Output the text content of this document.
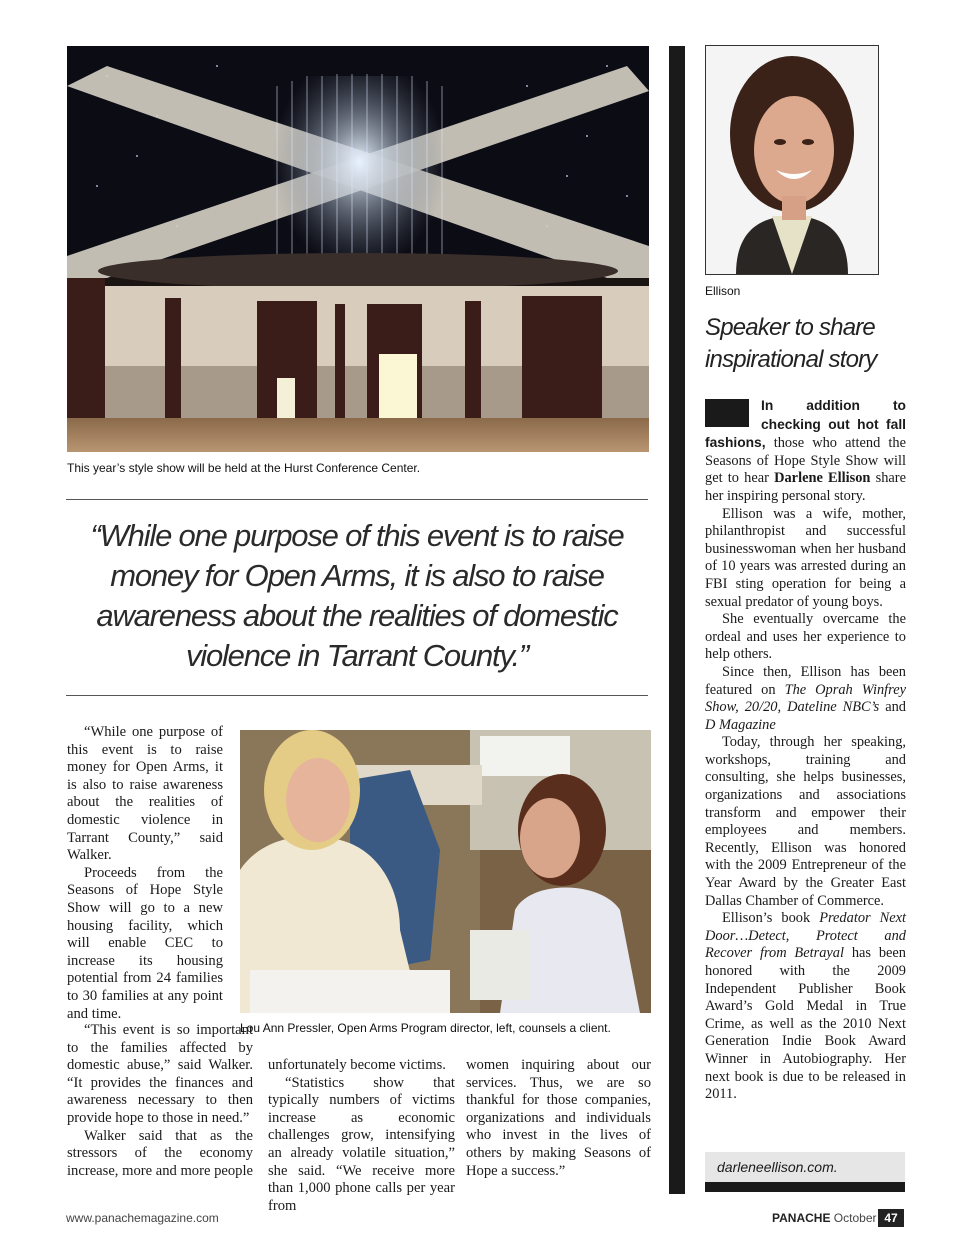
This year’s style show will be held at the Hurst Conference Center.
“While one purpose of this event is to raise money for Open Arms, it is also to raise awareness about the realities of domestic violence in Tarrant County.”
Lou Ann Pressler, Open Arms Program director, left, counsels a client.

“While one purpose of this event is to raise money for Open Arms, it is also to raise awareness about the realities of domestic violence in Tarrant County,” said Walker.

Proceeds from the Seasons of Hope Style Show will go to a new housing facility, which will enable CEC to increase its housing potential from 24 families to 30 families at any point and time.

“This event is so important to the families affected by domestic abuse,” said Walker. “It provides the finances and awareness necessary to then provide hope to those in need.”

Walker said that as the stressors of the economy increase, more and more people

unfortunately become victims.

“Statistics show that typically numbers of victims increase as economic challenges grow, intensifying an already volatile situation,” she said. “We receive more than 1,000 phone calls per year from

women inquiring about our services. Thus, we are so thankful for those companies, organizations and individuals who invest in the lives of others by making Seasons of Hope a success.”

Ellison
Speaker to share inspirational story

In addition to checking out hot fall fashions, those who attend the Seasons of Hope Style Show will get to hear Darlene Ellison share her inspiring personal story.

Ellison was a wife, mother, philanthropist and successful businesswoman when her husband of 10 years was arrested during an FBI sting operation for being a sexual predator of young boys.

She eventually overcame the ordeal and uses her experience to help others.

Since then, Ellison has been featured on The Oprah Winfrey Show, 20/20, Dateline NBC’s and D Magazine

Today, through her speaking, workshops, training and consulting, she helps businesses, organizations and associations transform and empower their employees and members. Recently, Ellison was honored with the 2009 Entrepreneur of the Year Award by the Greater East Dallas Chamber of Commerce.

Ellison’s book Predator Next Door…Detect, Protect and Recover from Betrayal has been honored with the 2009 Independent Publisher Book Award’s Gold Medal in True Crime, as well as the 2010 Next Generation Indie Book Award Winner in Autobiography. Her next book is due to be released in 2011.

darleneellison.com.
www.panachemagazine.com	PANACHE October 47
